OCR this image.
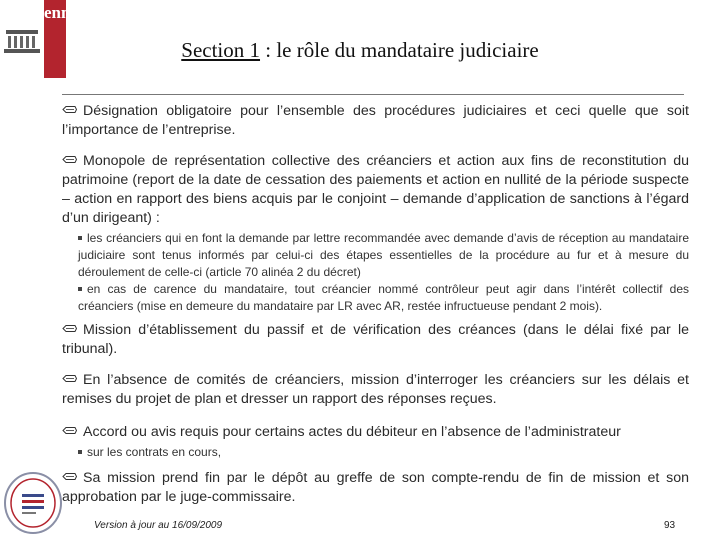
enm
Section 1 : le rôle du mandataire judiciaire

Désignation obligatoire pour l’ensemble des procédures judiciaires et ceci quelle que soit l’importance de l’entreprise.

Monopole de représentation collective des créanciers et action aux fins de reconstitution du patrimoine (report de la date de cessation des paiements et action en nullité de la période suspecte – action en rapport des biens acquis par le conjoint – demande d’application de sanctions à l’égard d’un dirigeant) :

les créanciers qui en font la demande par lettre recommandée avec demande d’avis de réception au mandataire judiciaire sont tenus informés par celui-ci des étapes essentielles de la procédure au fur et à mesure du déroulement de celle-ci (article 70 alinéa 2 du décret)

en cas de carence du mandataire, tout créancier nommé contrôleur peut agir dans l’intérêt collectif des créanciers (mise en demeure du mandataire par LR avec AR, restée infructueuse pendant 2 mois).

Mission d’établissement du passif et de vérification des créances (dans le délai fixé par le tribunal).

En l’absence de comités de créanciers, mission d’interroger les créanciers sur les délais et remises du projet de plan et dresser un rapport des réponses reçues.

Accord ou avis requis pour certains actes du débiteur en l’absence de l’administrateur

sur les contrats en cours,

Sa mission prend fin par le dépôt au greffe de son compte-rendu de fin de mission et son approbation par le juge-commissaire.

Version à jour au 16/09/2009	93
